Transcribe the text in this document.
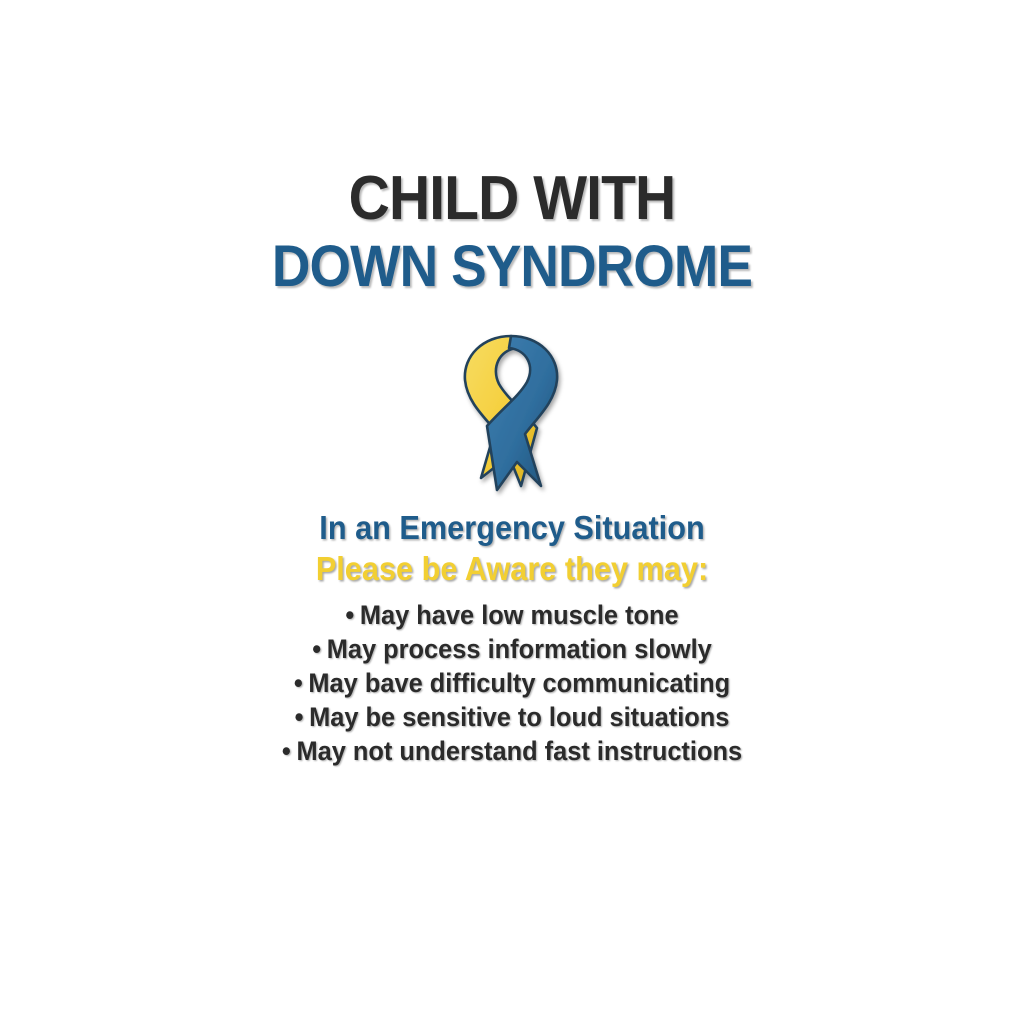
CHILD WITH
DOWN SYNDROME
In an Emergency Situation
Please be Aware they may:
• May have low muscle tone
• May process information slowly
• May bave difficulty communicating
• May be sensitive to loud situations
• May not understand fast instructions
